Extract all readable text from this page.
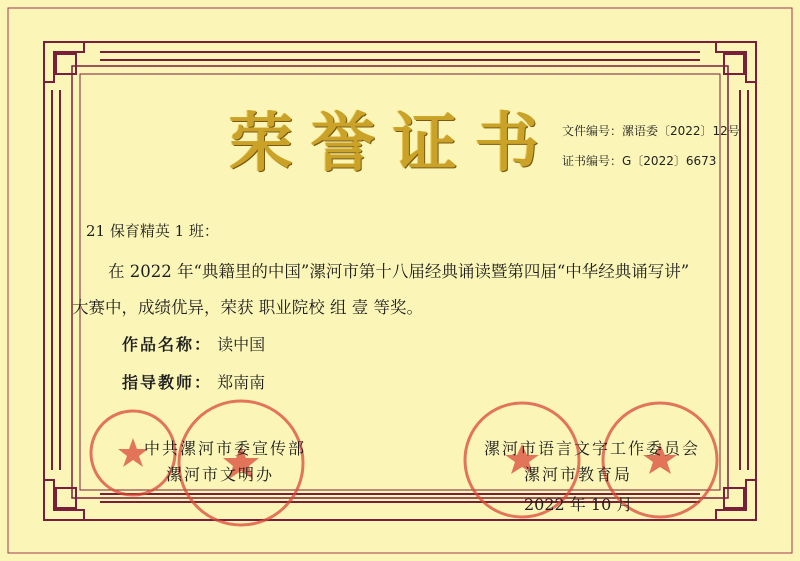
荣誉证书 文件编号：漯语委〔2022〕12号
证书编号：G〔2022〕6673
21 保育精英 1 班：
在 2022 年“典籍里的中国”漯河市第十八届经典诵读暨第四届“中华经典诵写讲”
大赛中，成绩优异，荣获 职业院校 组 壹 等奖。
作品名称： 读中国
指导教师： 郑南南
中共漯河市委宣传部
漯河市文明办
漯河市语言文字工作委员会
漯河市教育局
2022 年 10 月
